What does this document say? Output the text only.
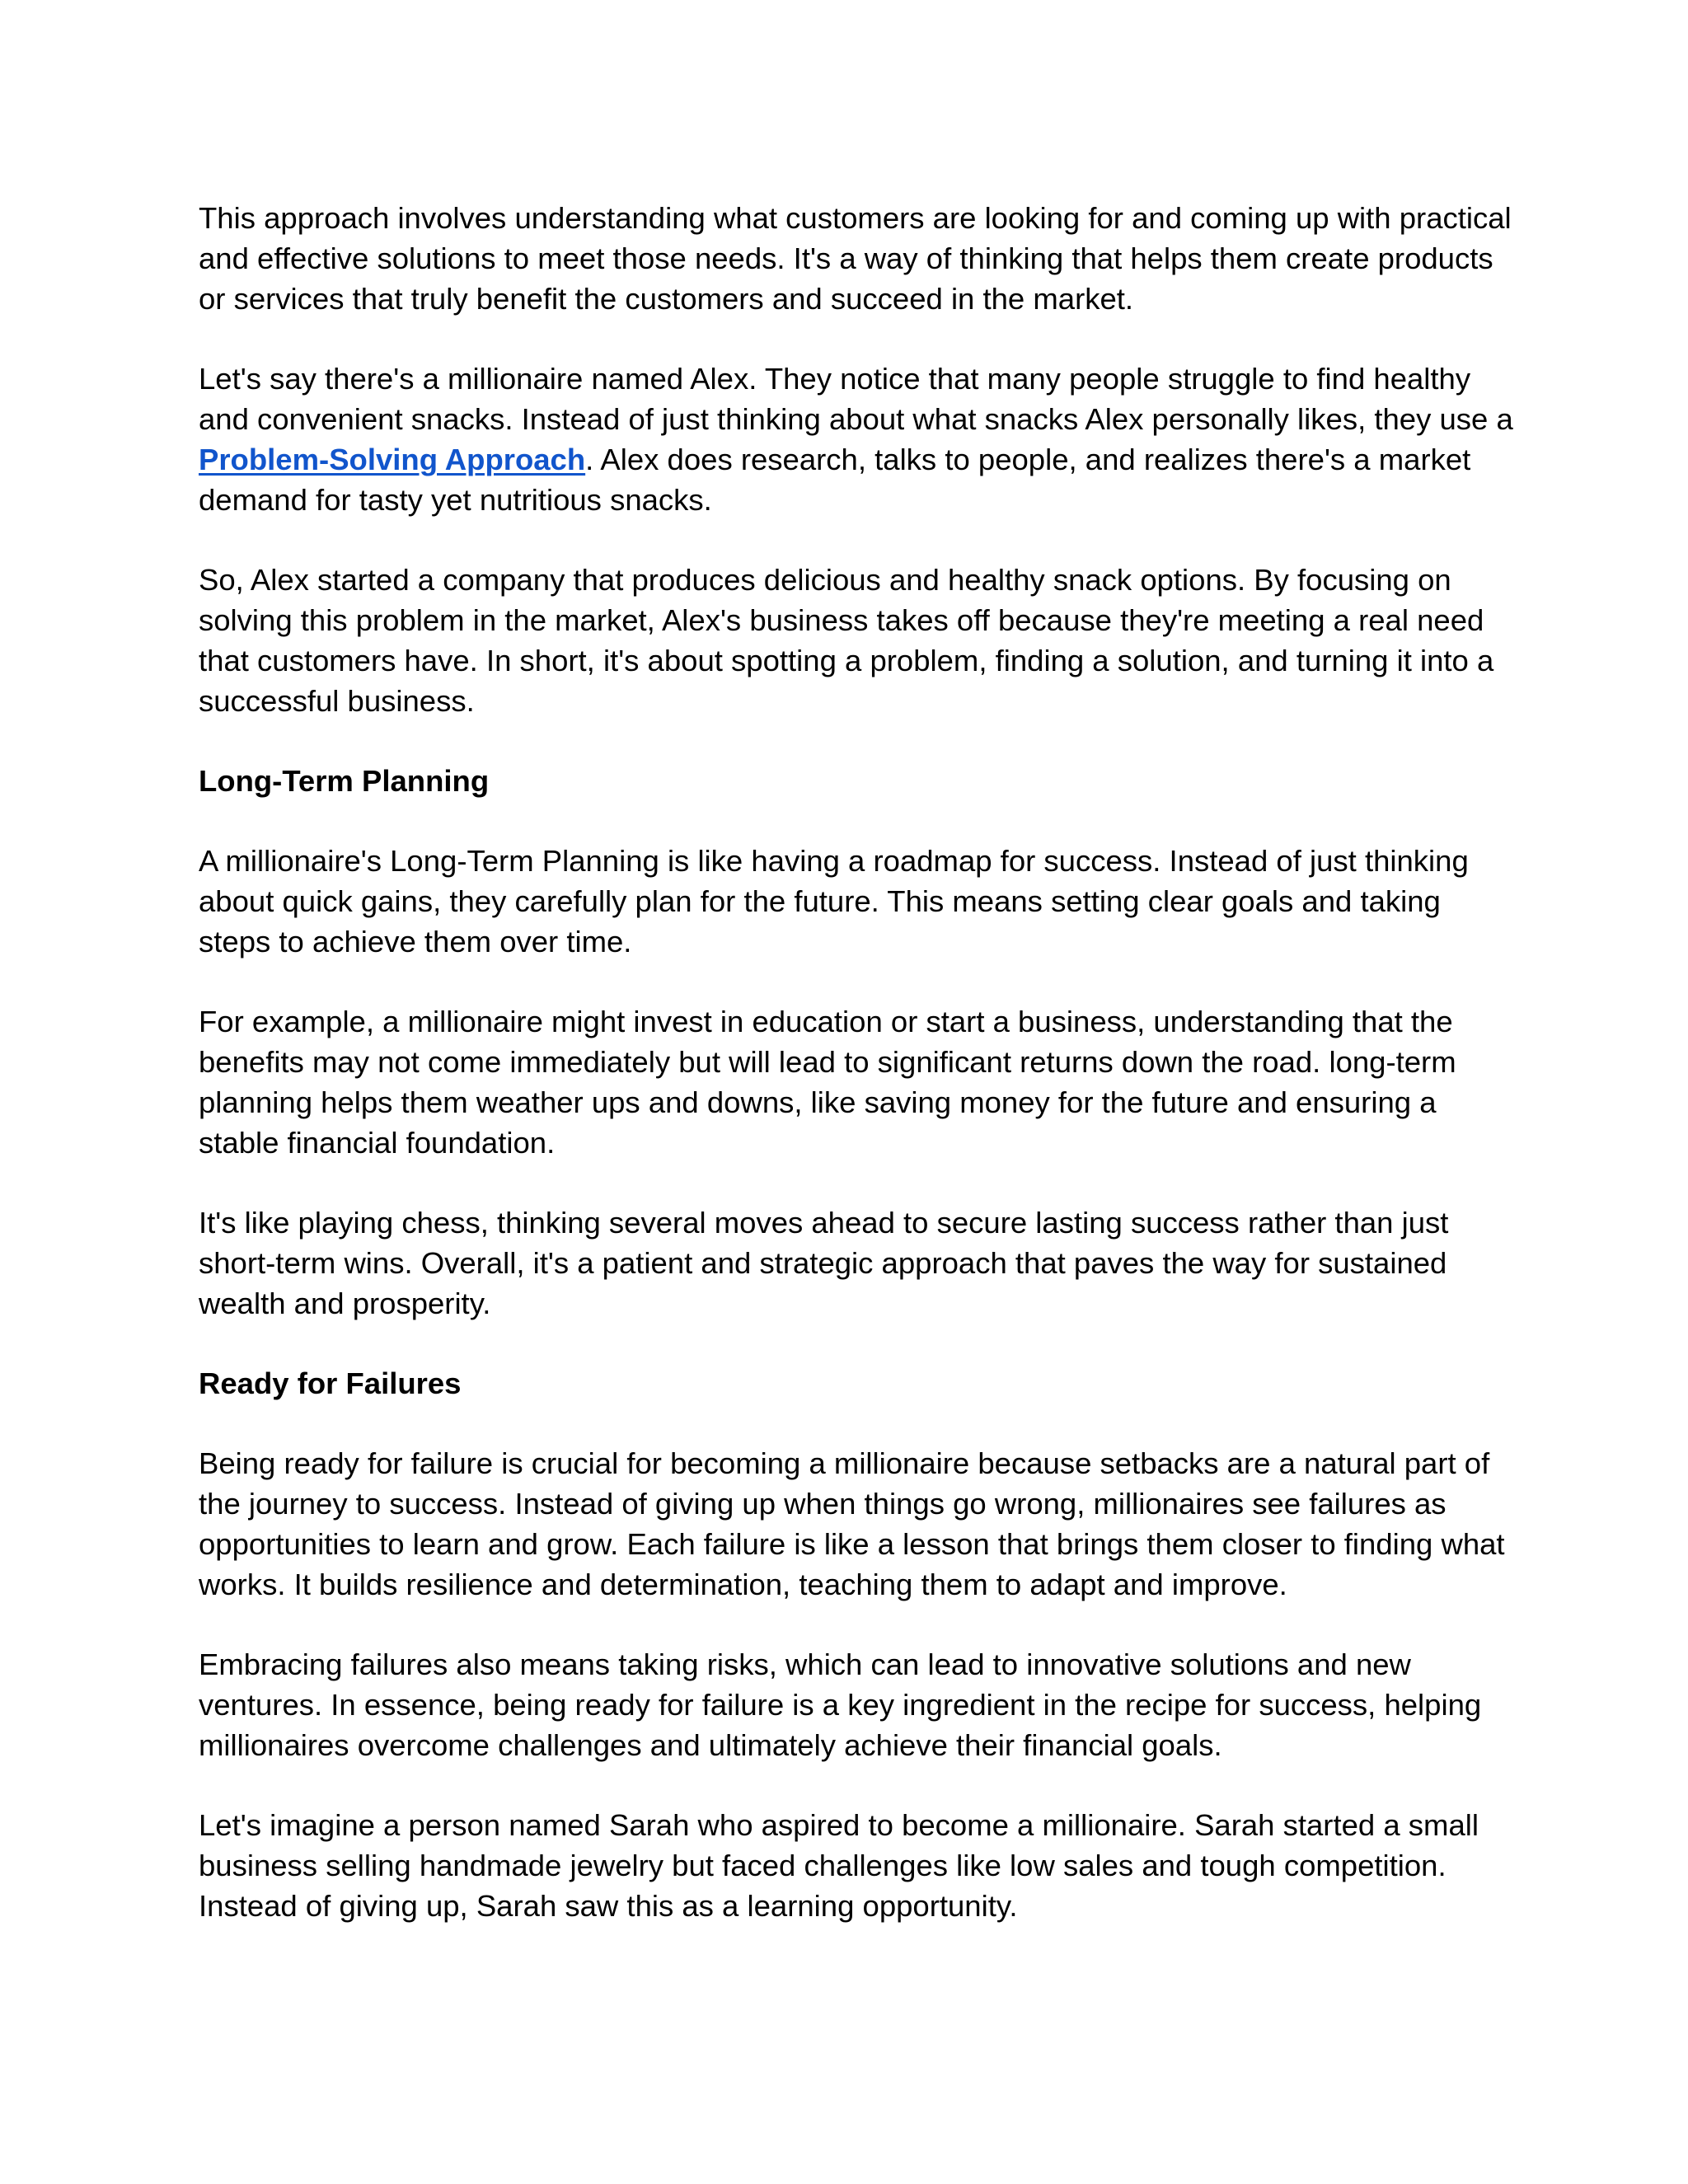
This approach involves understanding what customers are looking for and coming up with practical and effective solutions to meet those needs. It's a way of thinking that helps them create products or services that truly benefit the customers and succeed in the market.

Let's say there's a millionaire named Alex. They notice that many people struggle to find healthy and convenient snacks. Instead of just thinking about what snacks Alex personally likes, they use a Problem-Solving Approach. Alex does research, talks to people, and realizes there's a market demand for tasty yet nutritious snacks.

So, Alex started a company that produces delicious and healthy snack options. By focusing on solving this problem in the market, Alex's business takes off because they're meeting a real need that customers have. In short, it's about spotting a problem, finding a solution, and turning it into a successful business.

Long-Term Planning

A millionaire's Long-Term Planning is like having a roadmap for success. Instead of just thinking about quick gains, they carefully plan for the future. This means setting clear goals and taking steps to achieve them over time.

For example, a millionaire might invest in education or start a business, understanding that the benefits may not come immediately but will lead to significant returns down the road. long-term planning helps them weather ups and downs, like saving money for the future and ensuring a stable financial foundation.

It's like playing chess, thinking several moves ahead to secure lasting success rather than just short-term wins. Overall, it's a patient and strategic approach that paves the way for sustained wealth and prosperity.

Ready for Failures

Being ready for failure is crucial for becoming a millionaire because setbacks are a natural part of the journey to success. Instead of giving up when things go wrong, millionaires see failures as opportunities to learn and grow. Each failure is like a lesson that brings them closer to finding what works. It builds resilience and determination, teaching them to adapt and improve.

Embracing failures also means taking risks, which can lead to innovative solutions and new ventures. In essence, being ready for failure is a key ingredient in the recipe for success, helping millionaires overcome challenges and ultimately achieve their financial goals.

Let's imagine a person named Sarah who aspired to become a millionaire. Sarah started a small business selling handmade jewelry but faced challenges like low sales and tough competition. Instead of giving up, Sarah saw this as a learning opportunity.
